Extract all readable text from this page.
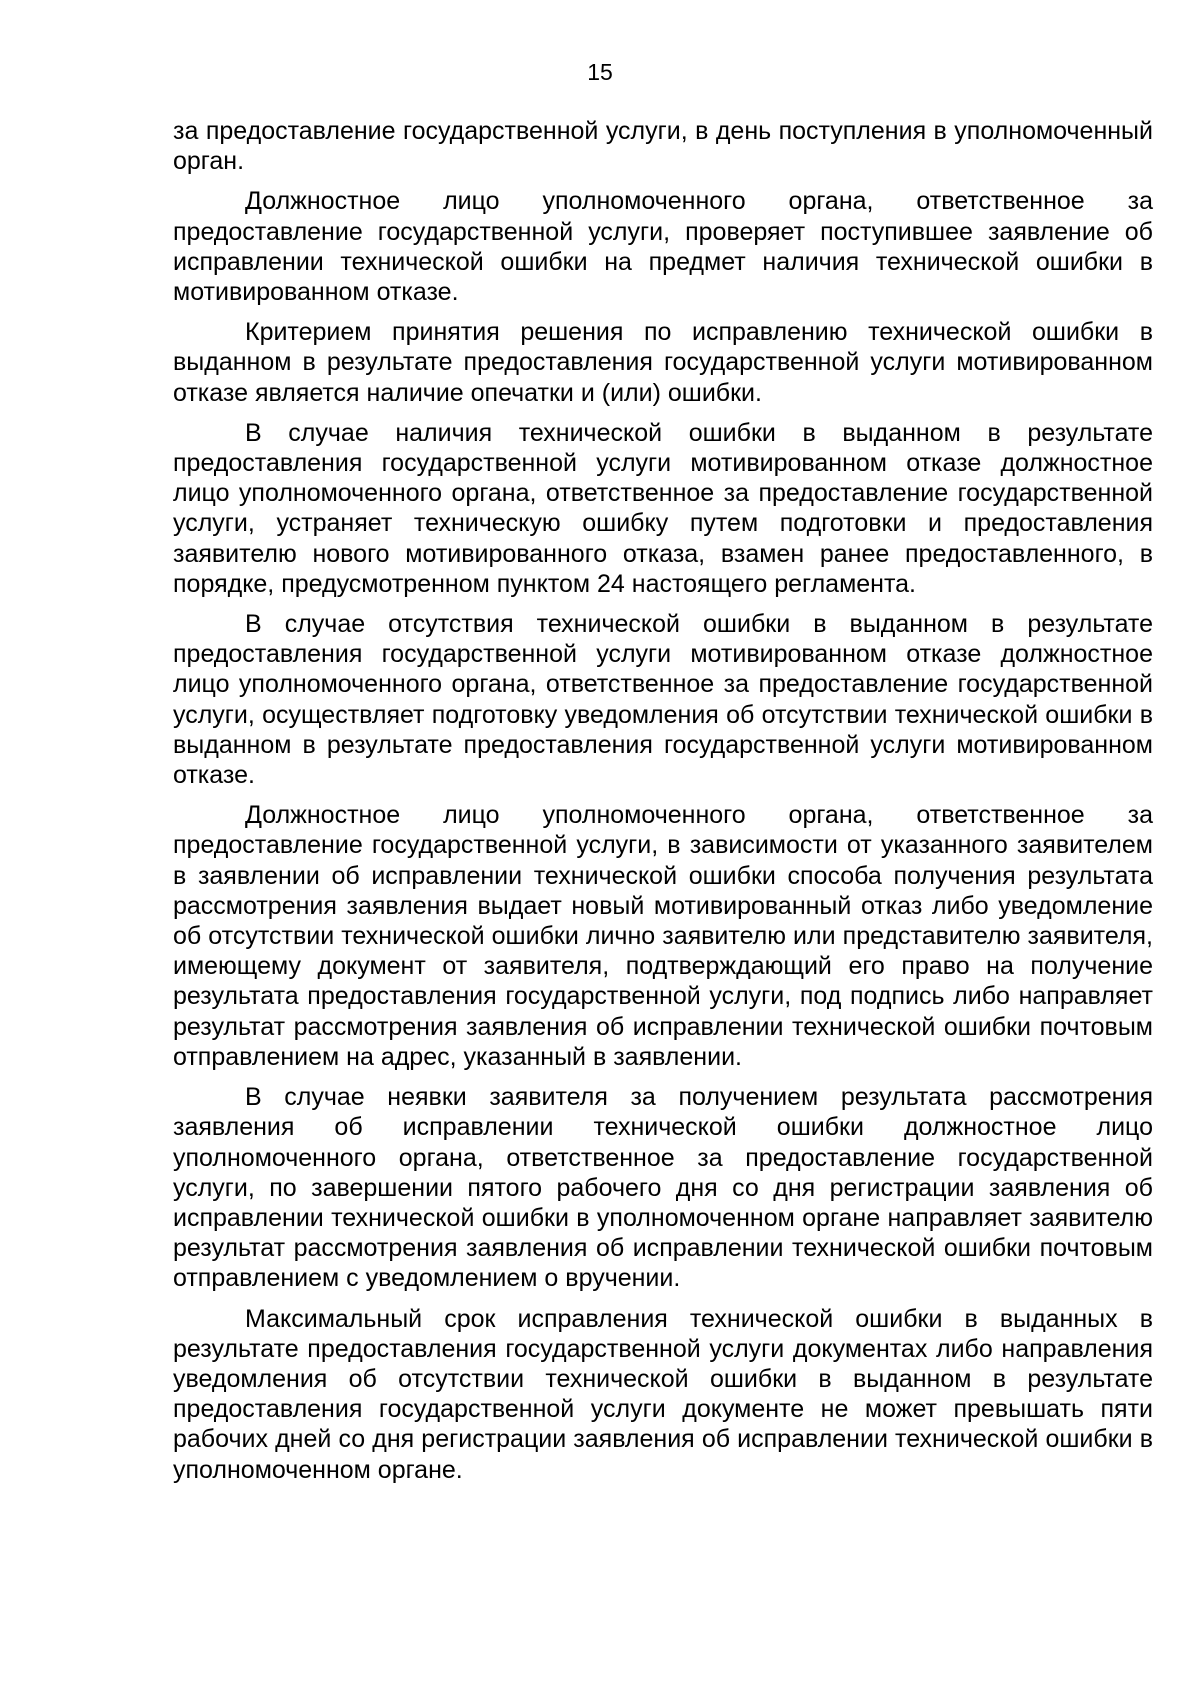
15

за предоставление государственной услуги, в день поступления в уполномоченный орган.

Должностное лицо уполномоченного органа, ответственное за предоставление государственной услуги, проверяет поступившее заявление об исправлении технической ошибки на предмет наличия технической ошибки в мотивированном отказе.

Критерием принятия решения по исправлению технической ошибки в выданном в результате предоставления государственной услуги мотивированном отказе является наличие опечатки и (или) ошибки.

В случае наличия технической ошибки в выданном в результате предоставления государственной услуги мотивированном отказе должностное лицо уполномоченного органа, ответственное за предоставление государственной услуги, устраняет техническую ошибку путем подготовки и предоставления заявителю нового мотивированного отказа, взамен ранее предоставленного, в порядке, предусмотренном пунктом 24 настоящего регламента.

В случае отсутствия технической ошибки в выданном в результате предоставления государственной услуги мотивированном отказе должностное лицо уполномоченного органа, ответственное за предоставление государственной услуги, осуществляет подготовку уведомления об отсутствии технической ошибки в выданном в результате предоставления государственной услуги мотивированном отказе.

Должностное лицо уполномоченного органа, ответственное за предоставление государственной услуги, в зависимости от указанного заявителем в заявлении об исправлении технической ошибки способа получения результата рассмотрения заявления выдает новый мотивированный отказ либо уведомление об отсутствии технической ошибки лично заявителю или представителю заявителя, имеющему документ от заявителя, подтверждающий его право на получение результата предоставления государственной услуги, под подпись либо направляет результат рассмотрения заявления об исправлении технической ошибки почтовым отправлением на адрес, указанный в заявлении.

В случае неявки заявителя за получением результата рассмотрения заявления об исправлении технической ошибки должностное лицо уполномоченного органа, ответственное за предоставление государственной услуги, по завершении пятого рабочего дня со дня регистрации заявления об исправлении технической ошибки в уполномоченном органе направляет заявителю результат рассмотрения заявления об исправлении технической ошибки почтовым отправлением с уведомлением о вручении.

Максимальный срок исправления технической ошибки в выданных в результате предоставления государственной услуги документах либо направления уведомления об отсутствии технической ошибки в выданном в результате предоставления государственной услуги документе не может превышать пяти рабочих дней со дня регистрации заявления об исправлении технической ошибки в уполномоченном органе.
